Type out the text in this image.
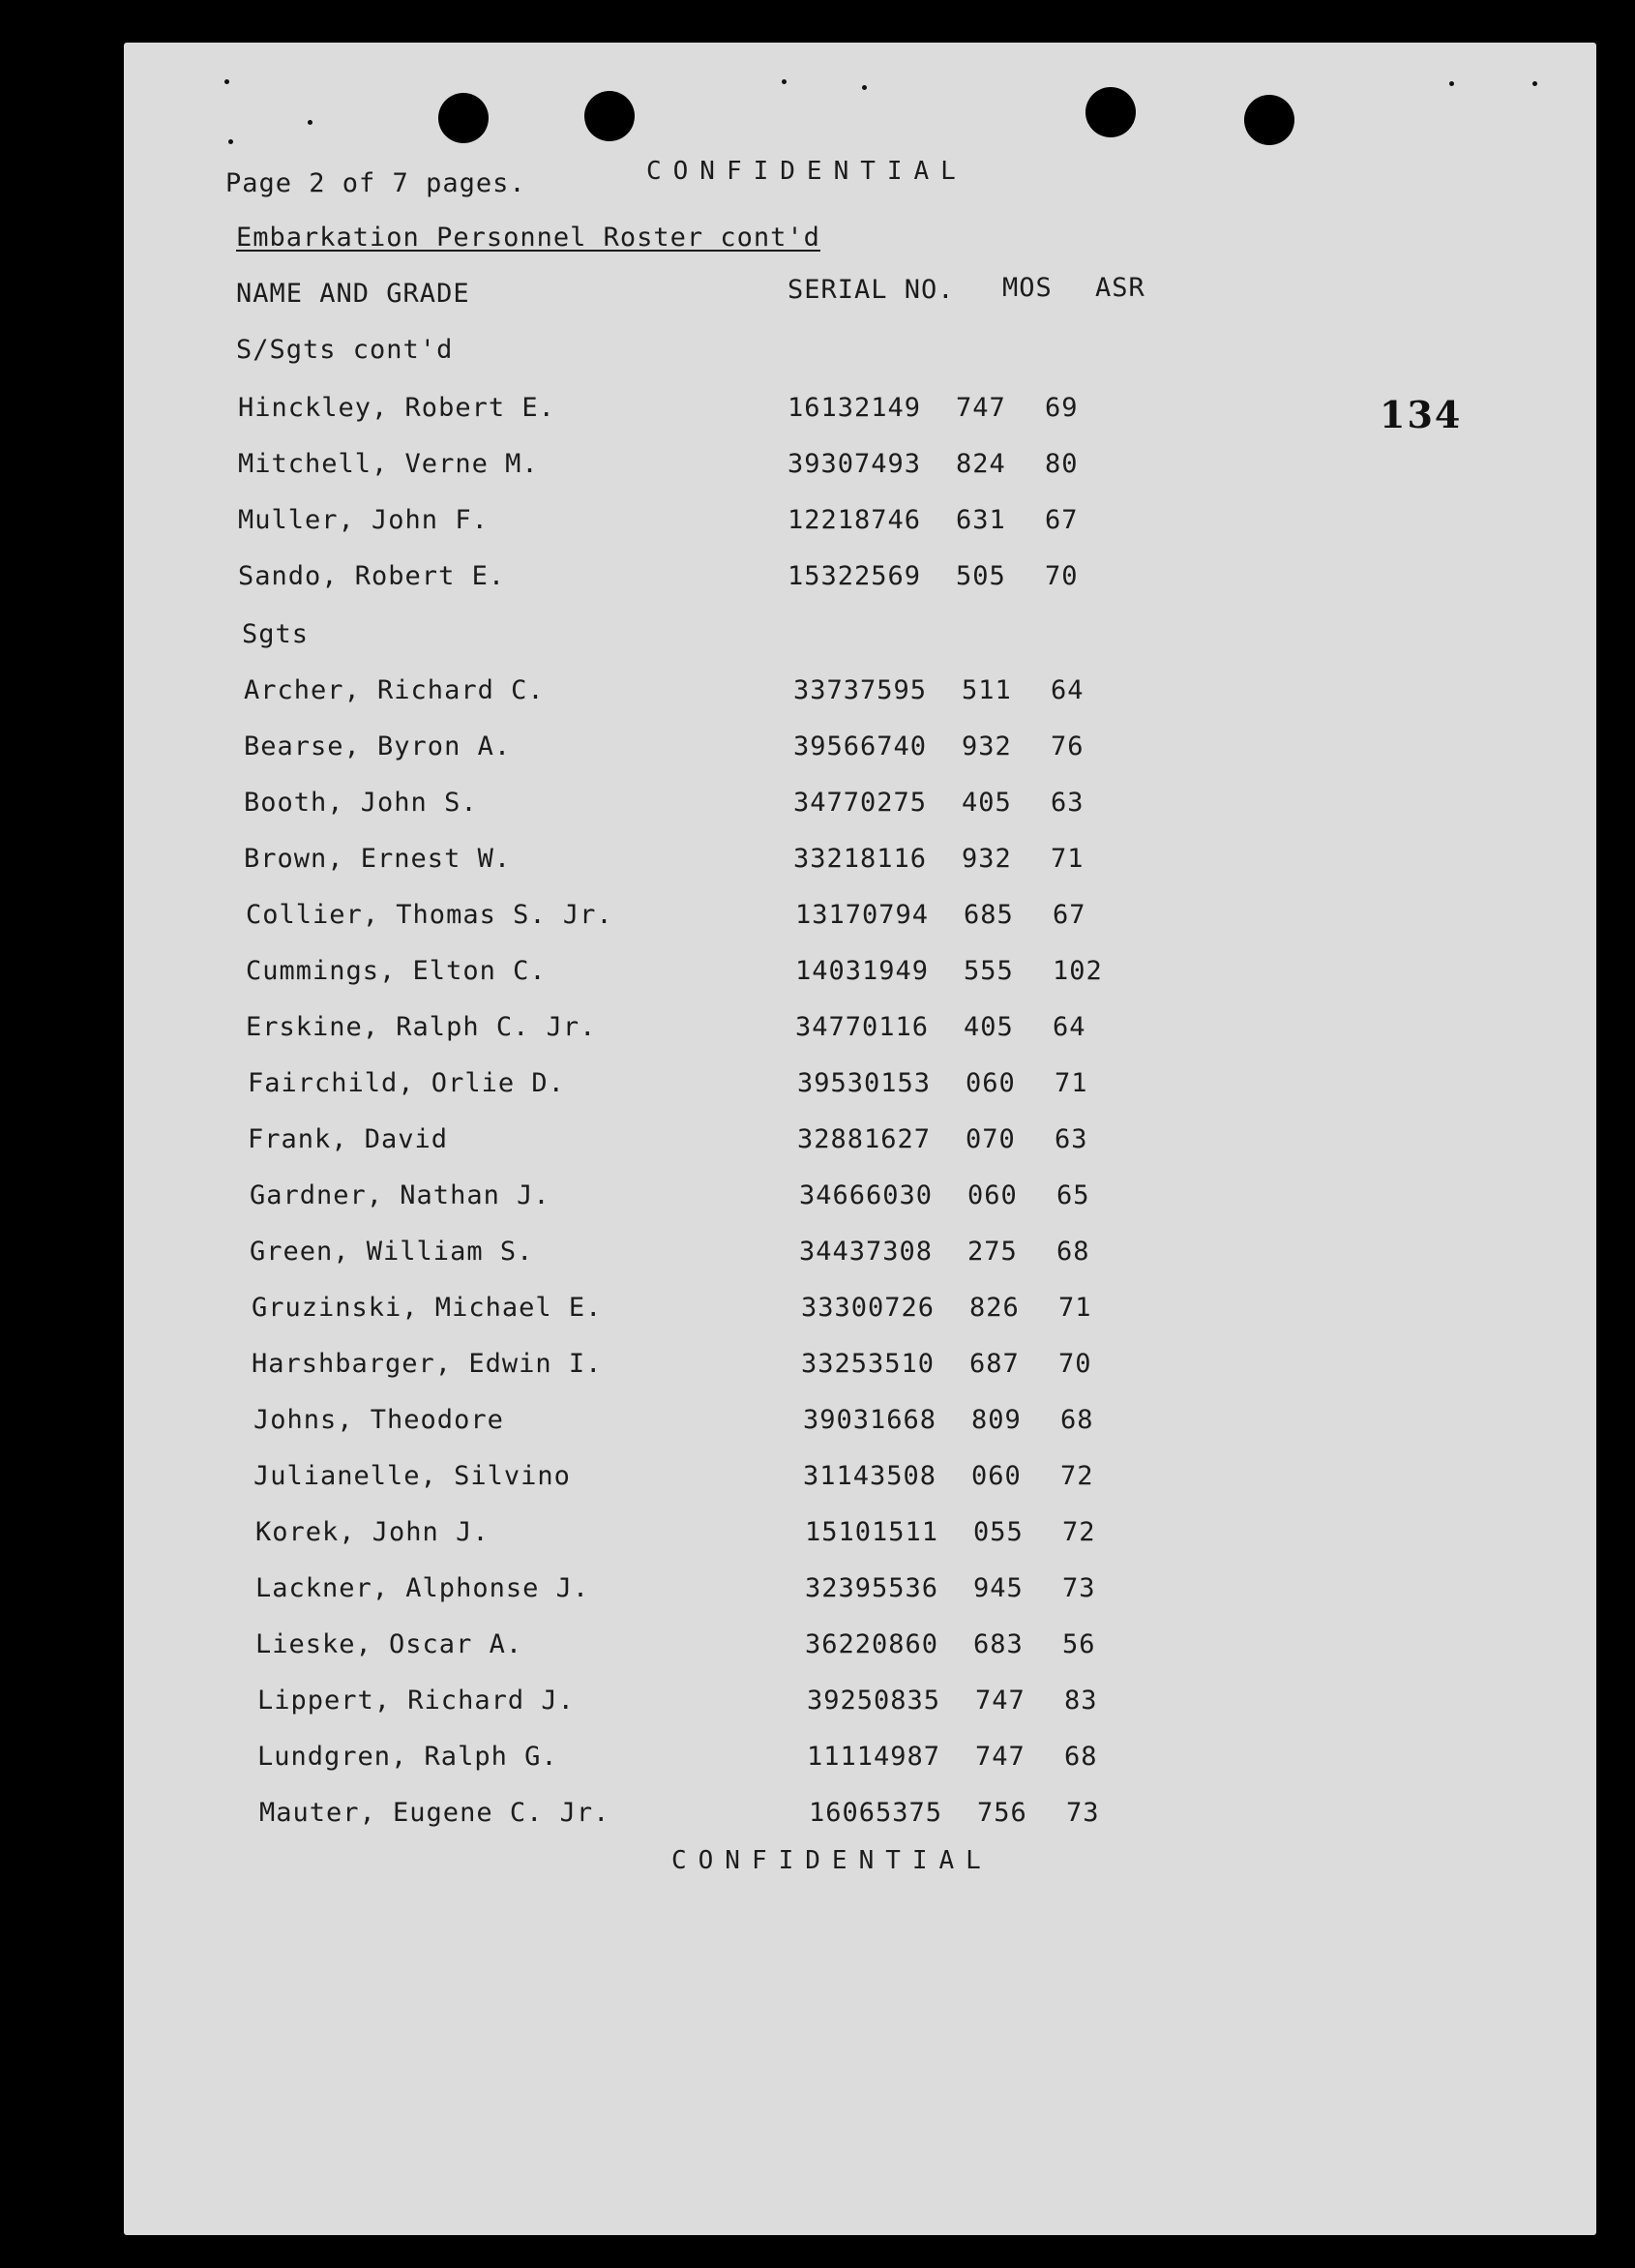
Page 2 of 7 pages.	CONFIDENTIAL
Embarkation Personnel Roster cont'd
NAME AND GRADE	SERIAL NO. MOS ASR
134
S/Sgts cont'd
Hinckley, Robert E.	16132149 747 69
Mitchell, Verne M.	39307493 824 80
Muller, John F.	12218746 631 67
Sando, Robert E.	15322569 505 70
Sgts
Archer, Richard C.	33737595 511 64
Bearse, Byron A.	39566740 932 76
Booth, John S.	34770275 405 63
Brown, Ernest W.	33218116 932 71
Collier, Thomas S. Jr.	13170794 685 67
Cummings, Elton C.	14031949 555 102
Erskine, Ralph C. Jr.	34770116 405 64
Fairchild, Orlie D.	39530153 060 71
Frank, David	32881627 070 63
Gardner, Nathan J.	34666030 060 65
Green, William S.	34437308 275 68
Gruzinski, Michael E.	33300726 826 71
Harshbarger, Edwin I.	33253510 687 70
Johns, Theodore	39031668 809 68
Julianelle, Silvino	31143508 060 72
Korek, John J.	15101511 055 72
Lackner, Alphonse J.	32395536 945 73
Lieske, Oscar A.	36220860 683 56
Lippert, Richard J.	39250835 747 83
Lundgren, Ralph G.	11114987 747 68
Mauter, Eugene C. Jr.	16065375 756 73
CONFIDENTIAL
